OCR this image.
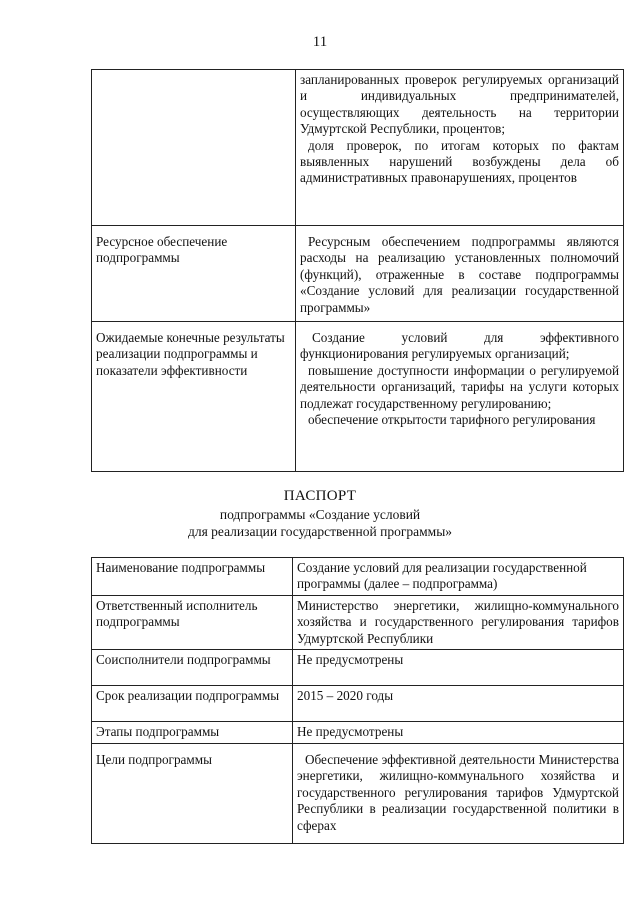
11

	запланированных проверок регулируемых организаций и индивидуальных предпринимателей, осуществляющих деятельность на территории Удмуртской Республики, процентов;
доля проверок, по итогам которых по фактам выявленных нарушений возбуждены дела об административных правонарушениях, процентов

Ресурсное обеспечение подпрограммы	Ресурсным обеспечением подпрограммы являются расходы на реализацию установленных полномочий (функций), отраженные в составе подпрограммы «Создание условий для реализации государственной программы»

Ожидаемые конечные результаты реализации подпрограммы и показатели эффективности	Создание условий для эффективного функционирования регулируемых организаций;
повышение доступности информации о регулируемой деятельности организаций, тарифы на услуги которых подлежат государственному регулированию;
обеспечение открытости тарифного регулирования
ПАСПОРТ
подпрограммы «Создание условий
для реализации государственной программы»
Наименование подпрограммы	Создание условий для реализации государственной программы (далее – подпрограмма)
Ответственный исполнитель подпрограммы	Министерство энергетики, жилищно-коммунального хозяйства и государственного регулирования тарифов Удмуртской Республики
Соисполнители подпрограммы	Не предусмотрены
Срок реализации подпрограммы	2015 – 2020 годы
Этапы подпрограммы	Не предусмотрены
Цели подпрограммы	Обеспечение эффективной деятельности Министерства энергетики, жилищно-коммунального хозяйства и государственного регулирования тарифов Удмуртской Республики в реализации государственной политики в сферах
